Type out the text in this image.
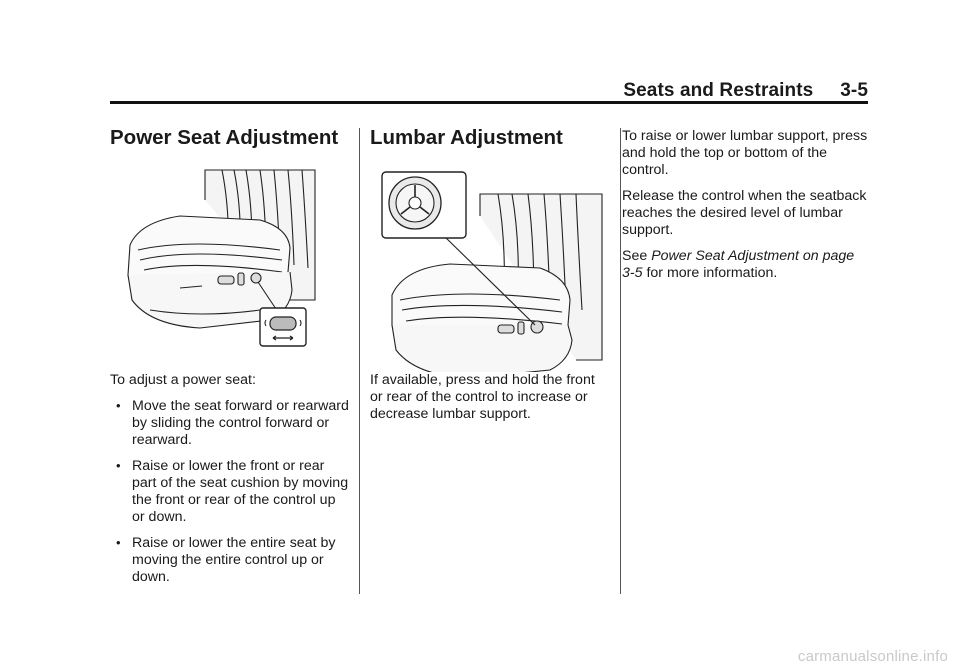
Seats and Restraints 3-5
Power Seat Adjustment

To adjust a power seat:

• Move the seat forward or rearward by sliding the control forward or rearward.
• Raise or lower the front or rear part of the seat cushion by moving the front or rear of the control up or down.
• Raise or lower the entire seat by moving the entire control up or down.
Lumbar Adjustment

If available, press and hold the front or rear of the control to increase or decrease lumbar support.

To raise or lower lumbar support, press and hold the top or bottom of the control.

Release the control when the seatback reaches the desired level of lumbar support.

See Power Seat Adjustment on page 3-5 for more information.

carmanualsonline.info
